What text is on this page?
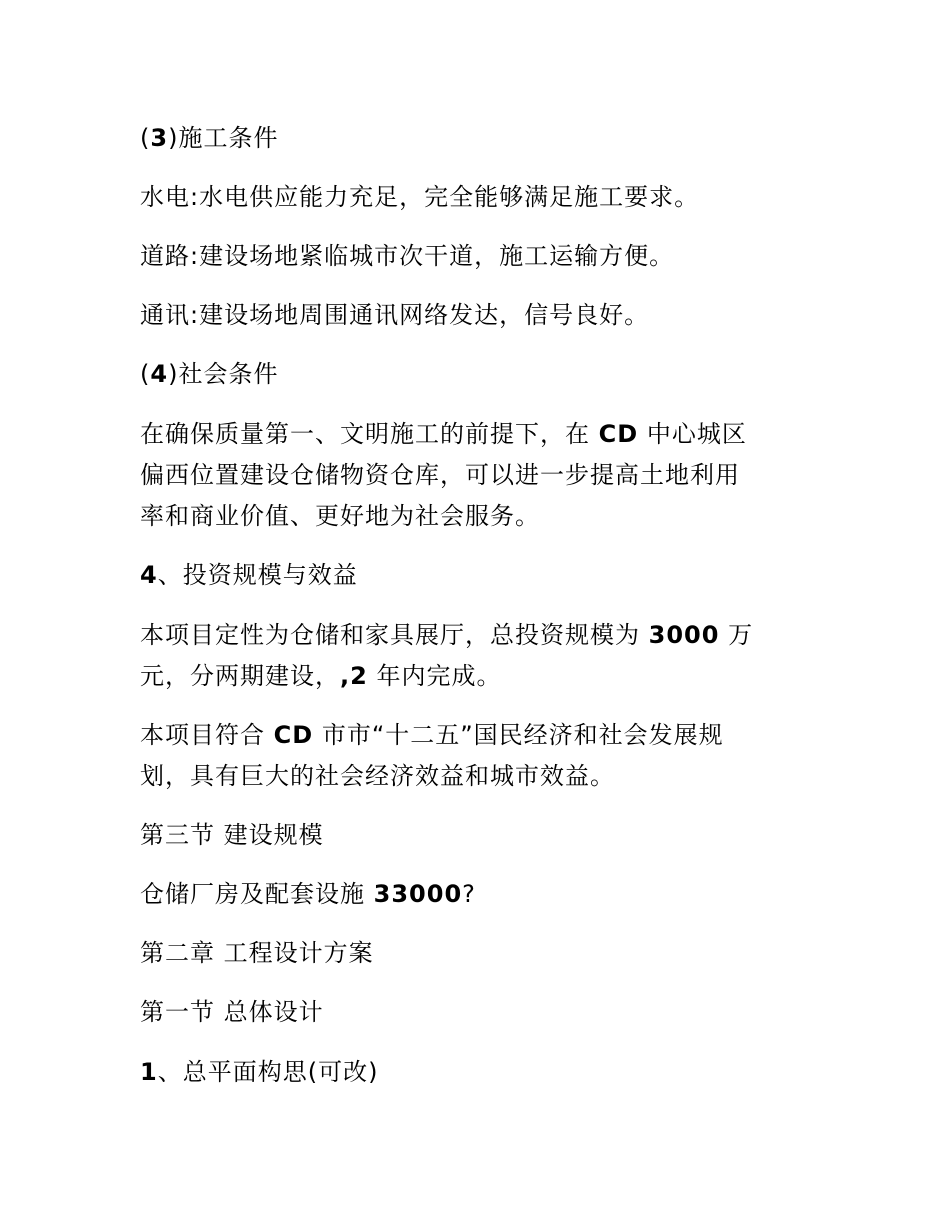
(3)施工条件
水电:水电供应能力充足，完全能够满足施工要求。
道路:建设场地紧临城市次干道，施工运输方便。
通讯:建设场地周围通讯网络发达，信号良好。
(4)社会条件
在确保质量第一、文明施工的前提下，在 CD 中心城区
偏西位置建设仓储物资仓库，可以进一步提高土地利用
率和商业价值、更好地为社会服务。
4、投资规模与效益
本项目定性为仓储和家具展厅，总投资规模为 3000 万
元，分两期建设，,2 年内完成。
本项目符合 CD 市市“十二五”国民经济和社会发展规
划，具有巨大的社会经济效益和城市效益。
第三节 建设规模
仓储厂房及配套设施 33000?
第二章 工程设计方案
第一节 总体设计
1、总平面构思(可改)
